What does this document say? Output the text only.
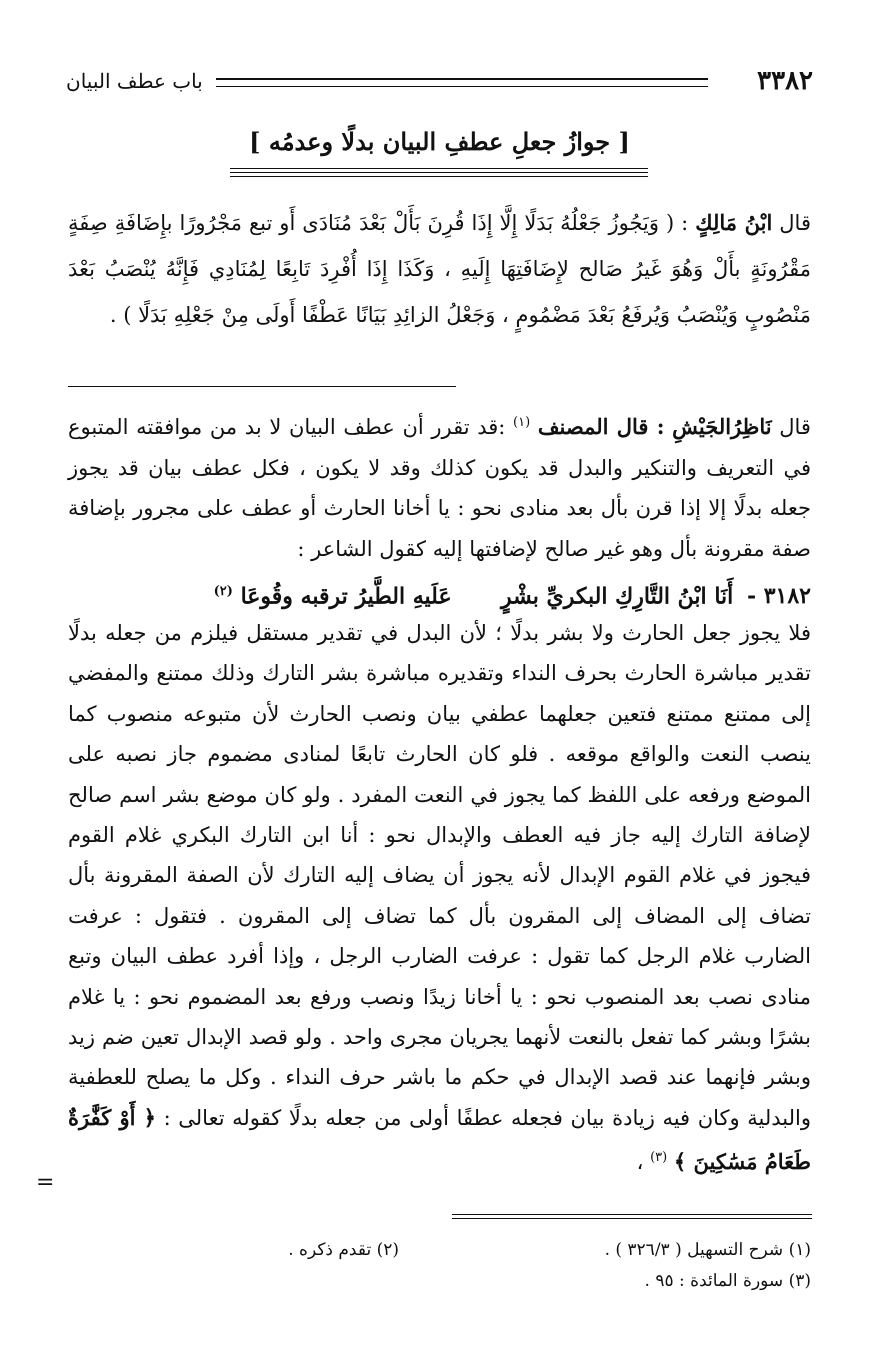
٣٣٨٢
باب عطف البيان
[ جوازُ جعلِ عطفِ البيان بدلًا وعدمُه ]
قال ابْنُ مَالِكٍ : ( وَيَجُوزُ جَعْلُهُ بَدَلًا إِلَّا إِذَا قُرِنَ بَأَلْ بَعْدَ مُنَادَى أَو تبع مَجْرُورًا بإِضَافَةِ صِفَةٍ مَقْرُونَةٍ بأَلْ وَهُوَ غَيرُ صَالح لإِضَافَتِهَا إِلَيهِ ، وَكَذَا إِذَا أُفْرِدَ تَابِعًا لِمُنَادِي فَإِنَّهُ يُنْصَبُ بَعْدَ مَنْصُوبٍ وَيُنْصَبُ وَيُرفَعُ بَعْدَ مَضْمُومٍ ، وَجَعْلُ الزائِدِ بَيَانًا عَطْفًا أَولَى مِنْ جَعْلِهِ بَدَلًا ) .
قال نَاظِرُالجَيْشِ : قال المصنف $^{(١)}$ :قد تقرر أن عطف البيان لا بد من موافقته المتبوع في التعريف والتنكير والبدل قد يكون كذلك وقد لا يكون ، فكل عطف بيان قد يجوز جعله بدلًا إلا إذا قرن بأل بعد منادى نحو : يا أخانا الحارث أو عطف على مجرور بإضافة صفة مقرونة بأل وهو غير صالح لإضافتها إليه كقول الشاعر :
٣١٨٢ - أَنَا ابْنُ التَّارِكِ البكريِّ بشْرٍ  عَلَيهِ الطَّيرُ ترقبه وقُوعَا $^{(٢)}$
فلا يجوز جعل الحارث ولا بشر بدلًا ؛ لأن البدل في تقدير مستقل فيلزم من جعله بدلًا تقدير مباشرة الحارث بحرف النداء وتقديره مباشرة بشر التارك وذلك ممتنع والمفضي إلى ممتنع ممتنع فتعين جعلهما عطفي بيان ونصب الحارث لأن متبوعه منصوب كما ينصب النعت والواقع موقعه . فلو كان الحارث تابعًا لمنادى مضموم جاز نصبه على الموضع ورفعه على اللفظ كما يجوز في النعت المفرد . ولو كان موضع بشر اسم صالح لإضافة التارك إليه جاز فيه العطف والإبدال نحو : أنا ابن التارك البكري غلام القوم فيجوز في غلام القوم الإبدال لأنه يجوز أن يضاف إليه التارك لأن الصفة المقرونة بأل تضاف إلى المضاف إلى المقرون بأل كما تضاف إلى المقرون . فتقول : عرفت الضارب غلام الرجل كما تقول : عرفت الضارب الرجل ، وإذا أفرد عطف البيان وتبع منادى نصب بعد المنصوب نحو : يا أخانا زيدًا ونصب ورفع بعد المضموم نحو : يا غلام بشرًا وبشر كما تفعل بالنعت لأنهما يجريان مجرى واحد . ولو قصد الإبدال تعين ضم زيد وبشر فإنهما عند قصد الإبدال في حكم ما باشر حرف النداء . وكل ما يصلح للعطفية والبدلية وكان فيه زيادة بيان فجعله عطفًا أولى من جعله بدلًا كقوله تعالى : ﴿ أَوْ كَفَّٰرَةٌ طَعَامُ مَسَٰكِينَ ﴾ $^{(٣)}$ ،
=
(١) شرح التسهيل ( ٣٢٦/٣ ) .
(٢) تقدم ذكره .
(٣) سورة المائدة : ٩٥ .
